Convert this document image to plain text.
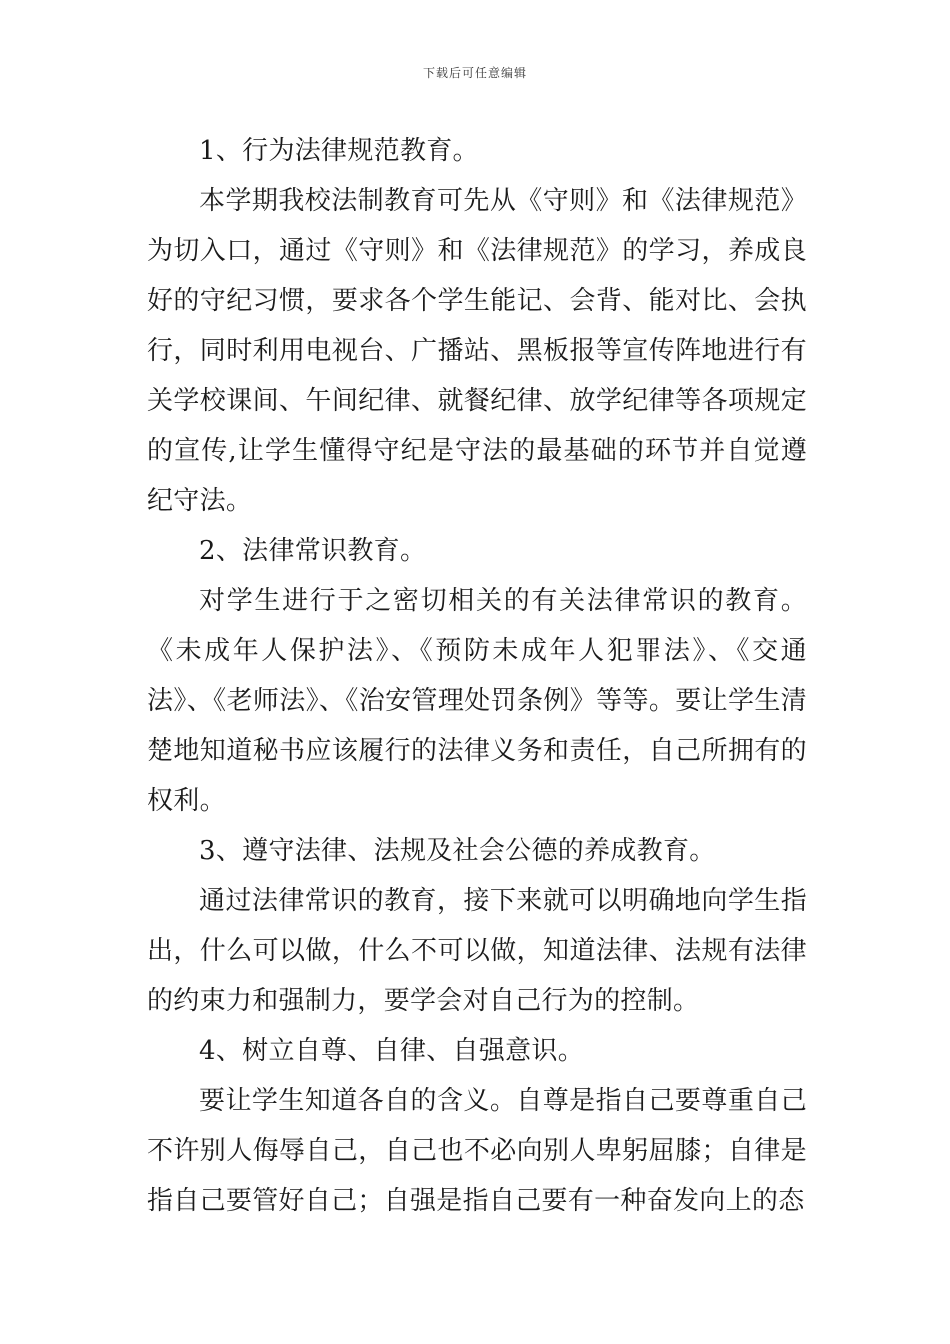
下载后可任意编辑

1、行为法律规范教育。

本学期我校法制教育可先从《守则》和《法律规范》为切入口，通过《守则》和《法律规范》的学习，养成良好的守纪习惯，要求各个学生能记、会背、能对比、会执行，同时利用电视台、广播站、黑板报等宣传阵地进行有关学校课间、午间纪律、就餐纪律、放学纪律等各项规定的宣传,让学生懂得守纪是守法的最基础的环节并自觉遵纪守法。

2、法律常识教育。

对学生进行于之密切相关的有关法律常识的教育。《未成年人保护法》、《预防未成年人犯罪法》、《交通法》、《老师法》、《治安管理处罚条例》等等。要让学生清楚地知道秘书应该履行的法律义务和责任，自己所拥有的权利。

3、遵守法律、法规及社会公德的养成教育。

通过法律常识的教育，接下来就可以明确地向学生指出，什么可以做，什么不可以做，知道法律、法规有法律的约束力和强制力，要学会对自己行为的控制。

4、树立自尊、自律、自强意识。

要让学生知道各自的含义。自尊是指自己要尊重自己不许别人侮辱自己，自己也不必向别人卑躬屈膝；自律是指自己要管好自己；自强是指自己要有一种奋发向上的态
